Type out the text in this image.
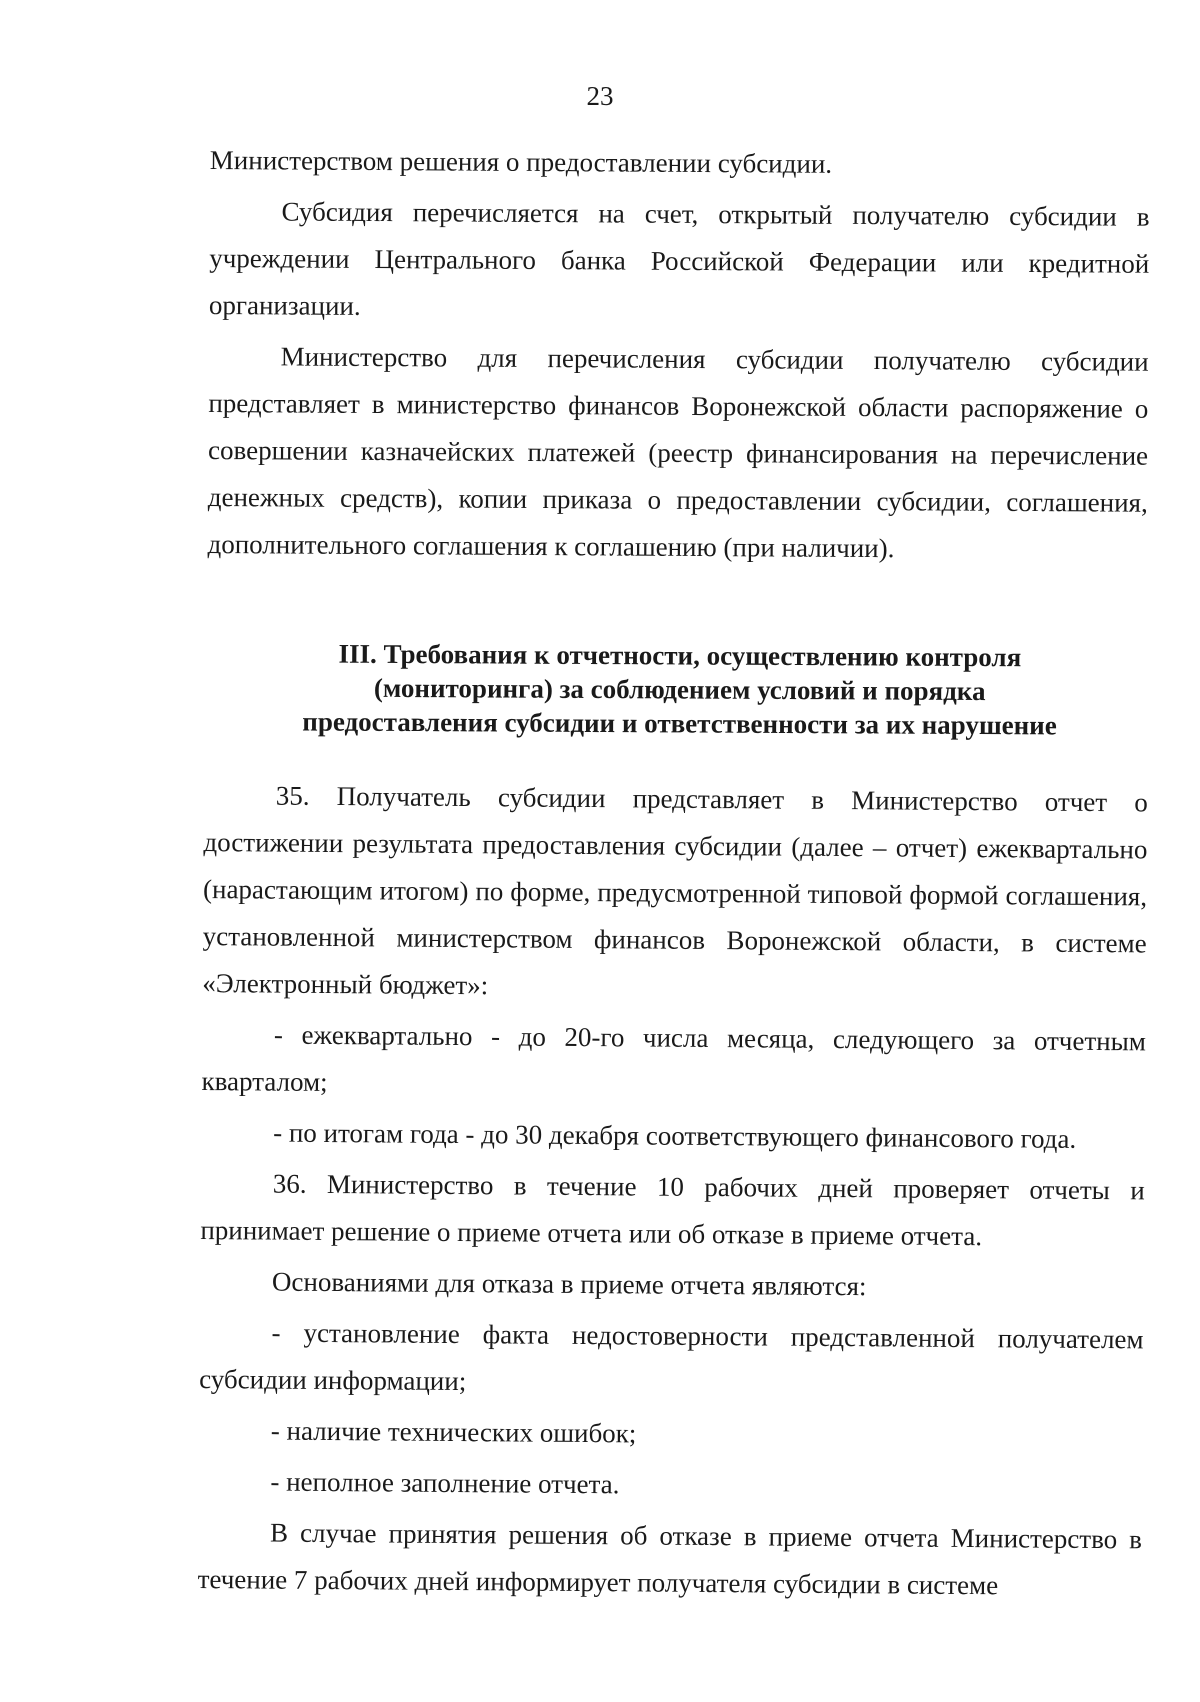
23

Министерством решения о предоставлении субсидии.

Субсидия перечисляется на счет, открытый получателю субсидии в учреждении Центрального банка Российской Федерации или кредитной организации.

Министерство для перечисления субсидии получателю субсидии представляет в министерство финансов Воронежской области распоряжение о совершении казначейских платежей (реестр финансирования на перечисление денежных средств), копии приказа о предоставлении субсидии, соглашения, дополнительного соглашения к соглашению (при наличии).

III. Требования к отчетности, осуществлению контроля
(мониторинга) за соблюдением условий и порядка
предоставления субсидии и ответственности за их нарушение

35. Получатель субсидии представляет в Министерство отчет о достижении результата предоставления субсидии (далее – отчет) ежеквартально (нарастающим итогом) по форме, предусмотренной типовой формой соглашения, установленной министерством финансов Воронежской области, в системе «Электронный бюджет»:

- ежеквартально - до 20-го числа месяца, следующего за отчетным кварталом;

- по итогам года - до 30 декабря соответствующего финансового года.

36. Министерство в течение 10 рабочих дней проверяет отчеты и принимает решение о приеме отчета или об отказе в приеме отчета.

Основаниями для отказа в приеме отчета являются:

- установление факта недостоверности представленной получателем субсидии информации;

- наличие технических ошибок;

- неполное заполнение отчета.

В случае принятия решения об отказе в приеме отчета Министерство в течение 7 рабочих дней информирует получателя субсидии в системе
